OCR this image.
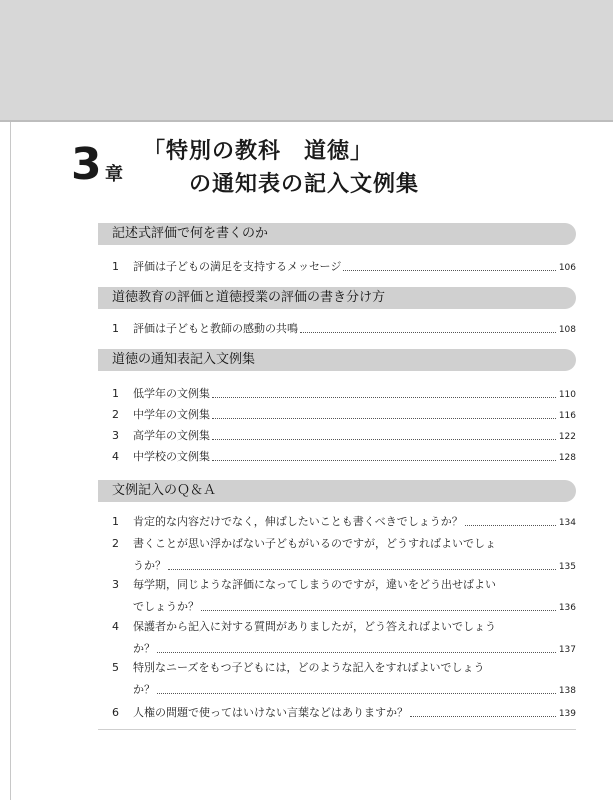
3 章
「特別の教科　道徳」
の通知表の記入文例集
記述式評価で何を書くのか
1 評価は子どもの満足を支持するメッセージ	106
道徳教育の評価と道徳授業の評価の書き分け方
1 評価は子どもと教師の感動の共鳴	108
道徳の通知表記入文例集
1 低学年の文例集	110
2 中学年の文例集	116
3 高学年の文例集	122
4 中学校の文例集	128
文例記入のＱ＆Ａ
1 肯定的な内容だけでなく，伸ばしたいことも書くべきでしょうか？	134
2 書くことが思い浮かばない子どもがいるのですが，どうすればよいでしょ
うか？	135
3 毎学期，同じような評価になってしまうのですが，違いをどう出せばよい
でしょうか？	136
4 保護者から記入に対する質問がありましたが，どう答えればよいでしょう
か？	137
5 特別なニーズをもつ子どもには，どのような記入をすればよいでしょう
か？	138
6 人権の問題で使ってはいけない言葉などはありますか？	139
